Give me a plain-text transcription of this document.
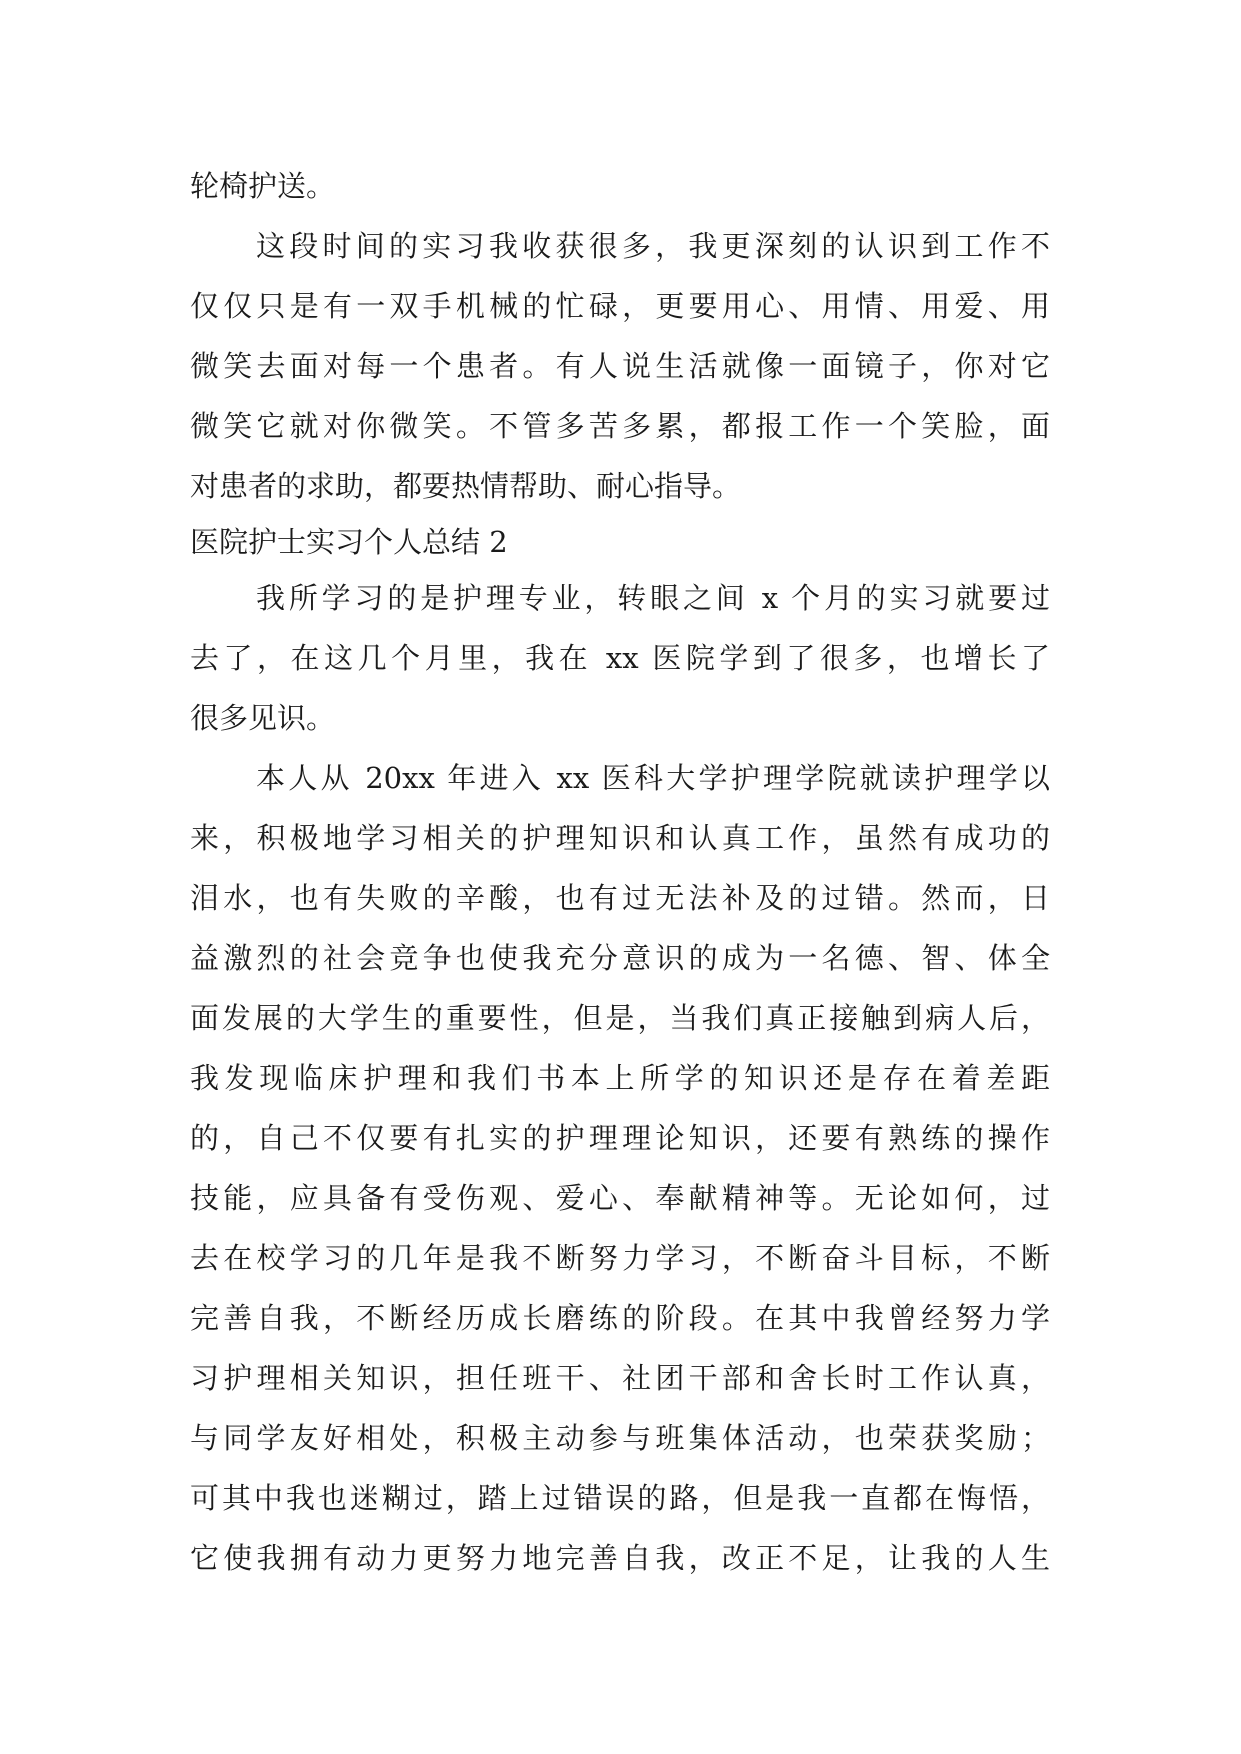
轮椅护送。
这段时间的实习我收获很多，我更深刻的认识到工作不
仅仅只是有一双手机械的忙碌，更要用心、用情、用爱、用
微笑去面对每一个患者。有人说生活就像一面镜子，你对它
微笑它就对你微笑。不管多苦多累，都报工作一个笑脸，面
对患者的求助，都要热情帮助、耐心指导。
医院护士实习个人总结 2
我所学习的是护理专业，转眼之间 x 个月的实习就要过
去了，在这几个月里，我在 xx 医院学到了很多，也增长了
很多见识。
本人从 20xx 年进入 xx 医科大学护理学院就读护理学以
来，积极地学习相关的护理知识和认真工作，虽然有成功的
泪水，也有失败的辛酸，也有过无法补及的过错。然而，日
益激烈的社会竞争也使我充分意识的成为一名德、智、体全
面发展的大学生的重要性，但是，当我们真正接触到病人后，
我发现临床护理和我们书本上所学的知识还是存在着差距
的，自己不仅要有扎实的护理理论知识，还要有熟练的操作
技能，应具备有受伤观、爱心、奉献精神等。无论如何，过
去在校学习的几年是我不断努力学习，不断奋斗目标，不断
完善自我，不断经历成长磨练的阶段。在其中我曾经努力学
习护理相关知识，担任班干、社团干部和舍长时工作认真，
与同学友好相处，积极主动参与班集体活动，也荣获奖励；
可其中我也迷糊过，踏上过错误的路，但是我一直都在悔悟，
它使我拥有动力更努力地完善自我，改正不足，让我的人生
